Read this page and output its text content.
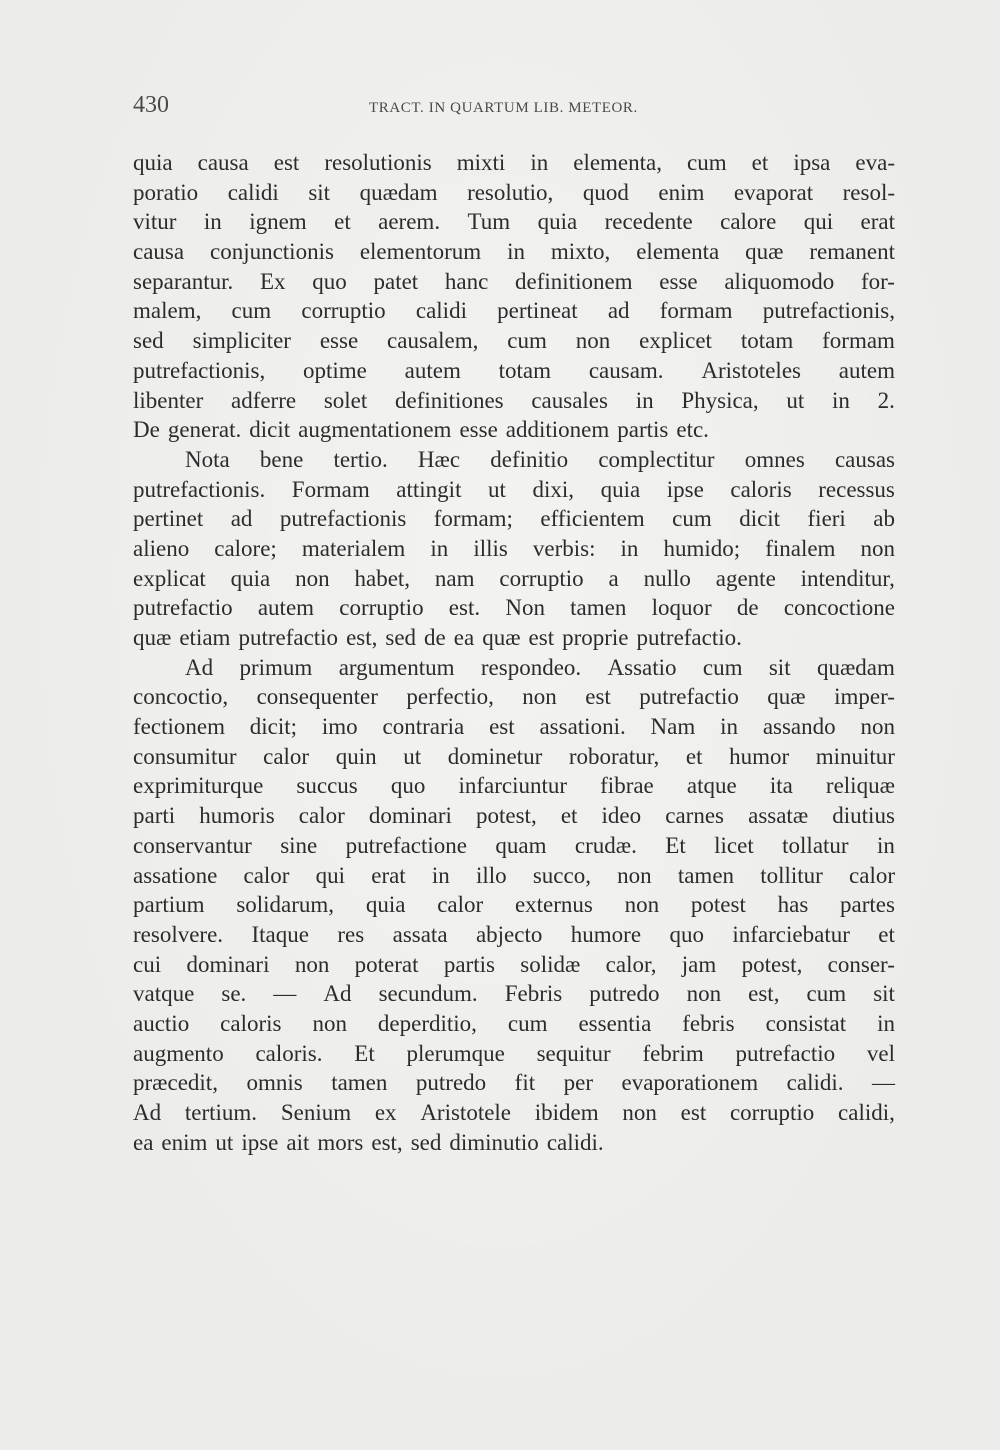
430	TRACT. IN QUARTUM LIB. METEOR.
quia causa est resolutionis mixti in elementa, cum et ipsa eva-
poratio calidi sit quædam resolutio, quod enim evaporat resol-
vitur in ignem et aerem. Tum quia recedente calore qui erat
causa conjunctionis elementorum in mixto, elementa quæ remanent
separantur. Ex quo patet hanc definitionem esse aliquomodo for-
malem, cum corruptio calidi pertineat ad formam putrefactionis,
sed simpliciter esse causalem, cum non explicet totam formam
putrefactionis, optime autem totam causam. Aristoteles autem
libenter adferre solet definitiones causales in Physica, ut in 2.
De generat. dicit augmentationem esse additionem partis etc.
Nota bene tertio. Hæc definitio complectitur omnes causas
putrefactionis. Formam attingit ut dixi, quia ipse caloris recessus
pertinet ad putrefactionis formam; efficientem cum dicit fieri ab
alieno calore; materialem in illis verbis: in humido; finalem non
explicat quia non habet, nam corruptio a nullo agente intenditur,
putrefactio autem corruptio est. Non tamen loquor de concoctione
quæ etiam putrefactio est, sed de ea quæ est proprie putrefactio.
Ad primum argumentum respondeo. Assatio cum sit quædam
concoctio, consequenter perfectio, non est putrefactio quæ imper-
fectionem dicit; imo contraria est assationi. Nam in assando non
consumitur calor quin ut dominetur roboratur, et humor minuitur
exprimiturque succus quo infarciuntur fibrae atque ita reliquæ
parti humoris calor dominari potest, et ideo carnes assatæ diutius
conservantur sine putrefactione quam crudæ. Et licet tollatur in
assatione calor qui erat in illo succo, non tamen tollitur calor
partium solidarum, quia calor externus non potest has partes
resolvere. Itaque res assata abjecto humore quo infarciebatur et
cui dominari non poterat partis solidæ calor, jam potest, conser-
vatque se. — Ad secundum. Febris putredo non est, cum sit
auctio caloris non deperditio, cum essentia febris consistat in
augmento caloris. Et plerumque sequitur febrim putrefactio vel
præcedit, omnis tamen putredo fit per evaporationem calidi. —
Ad tertium. Senium ex Aristotele ibidem non est corruptio calidi,
ea enim ut ipse ait mors est, sed diminutio calidi.
